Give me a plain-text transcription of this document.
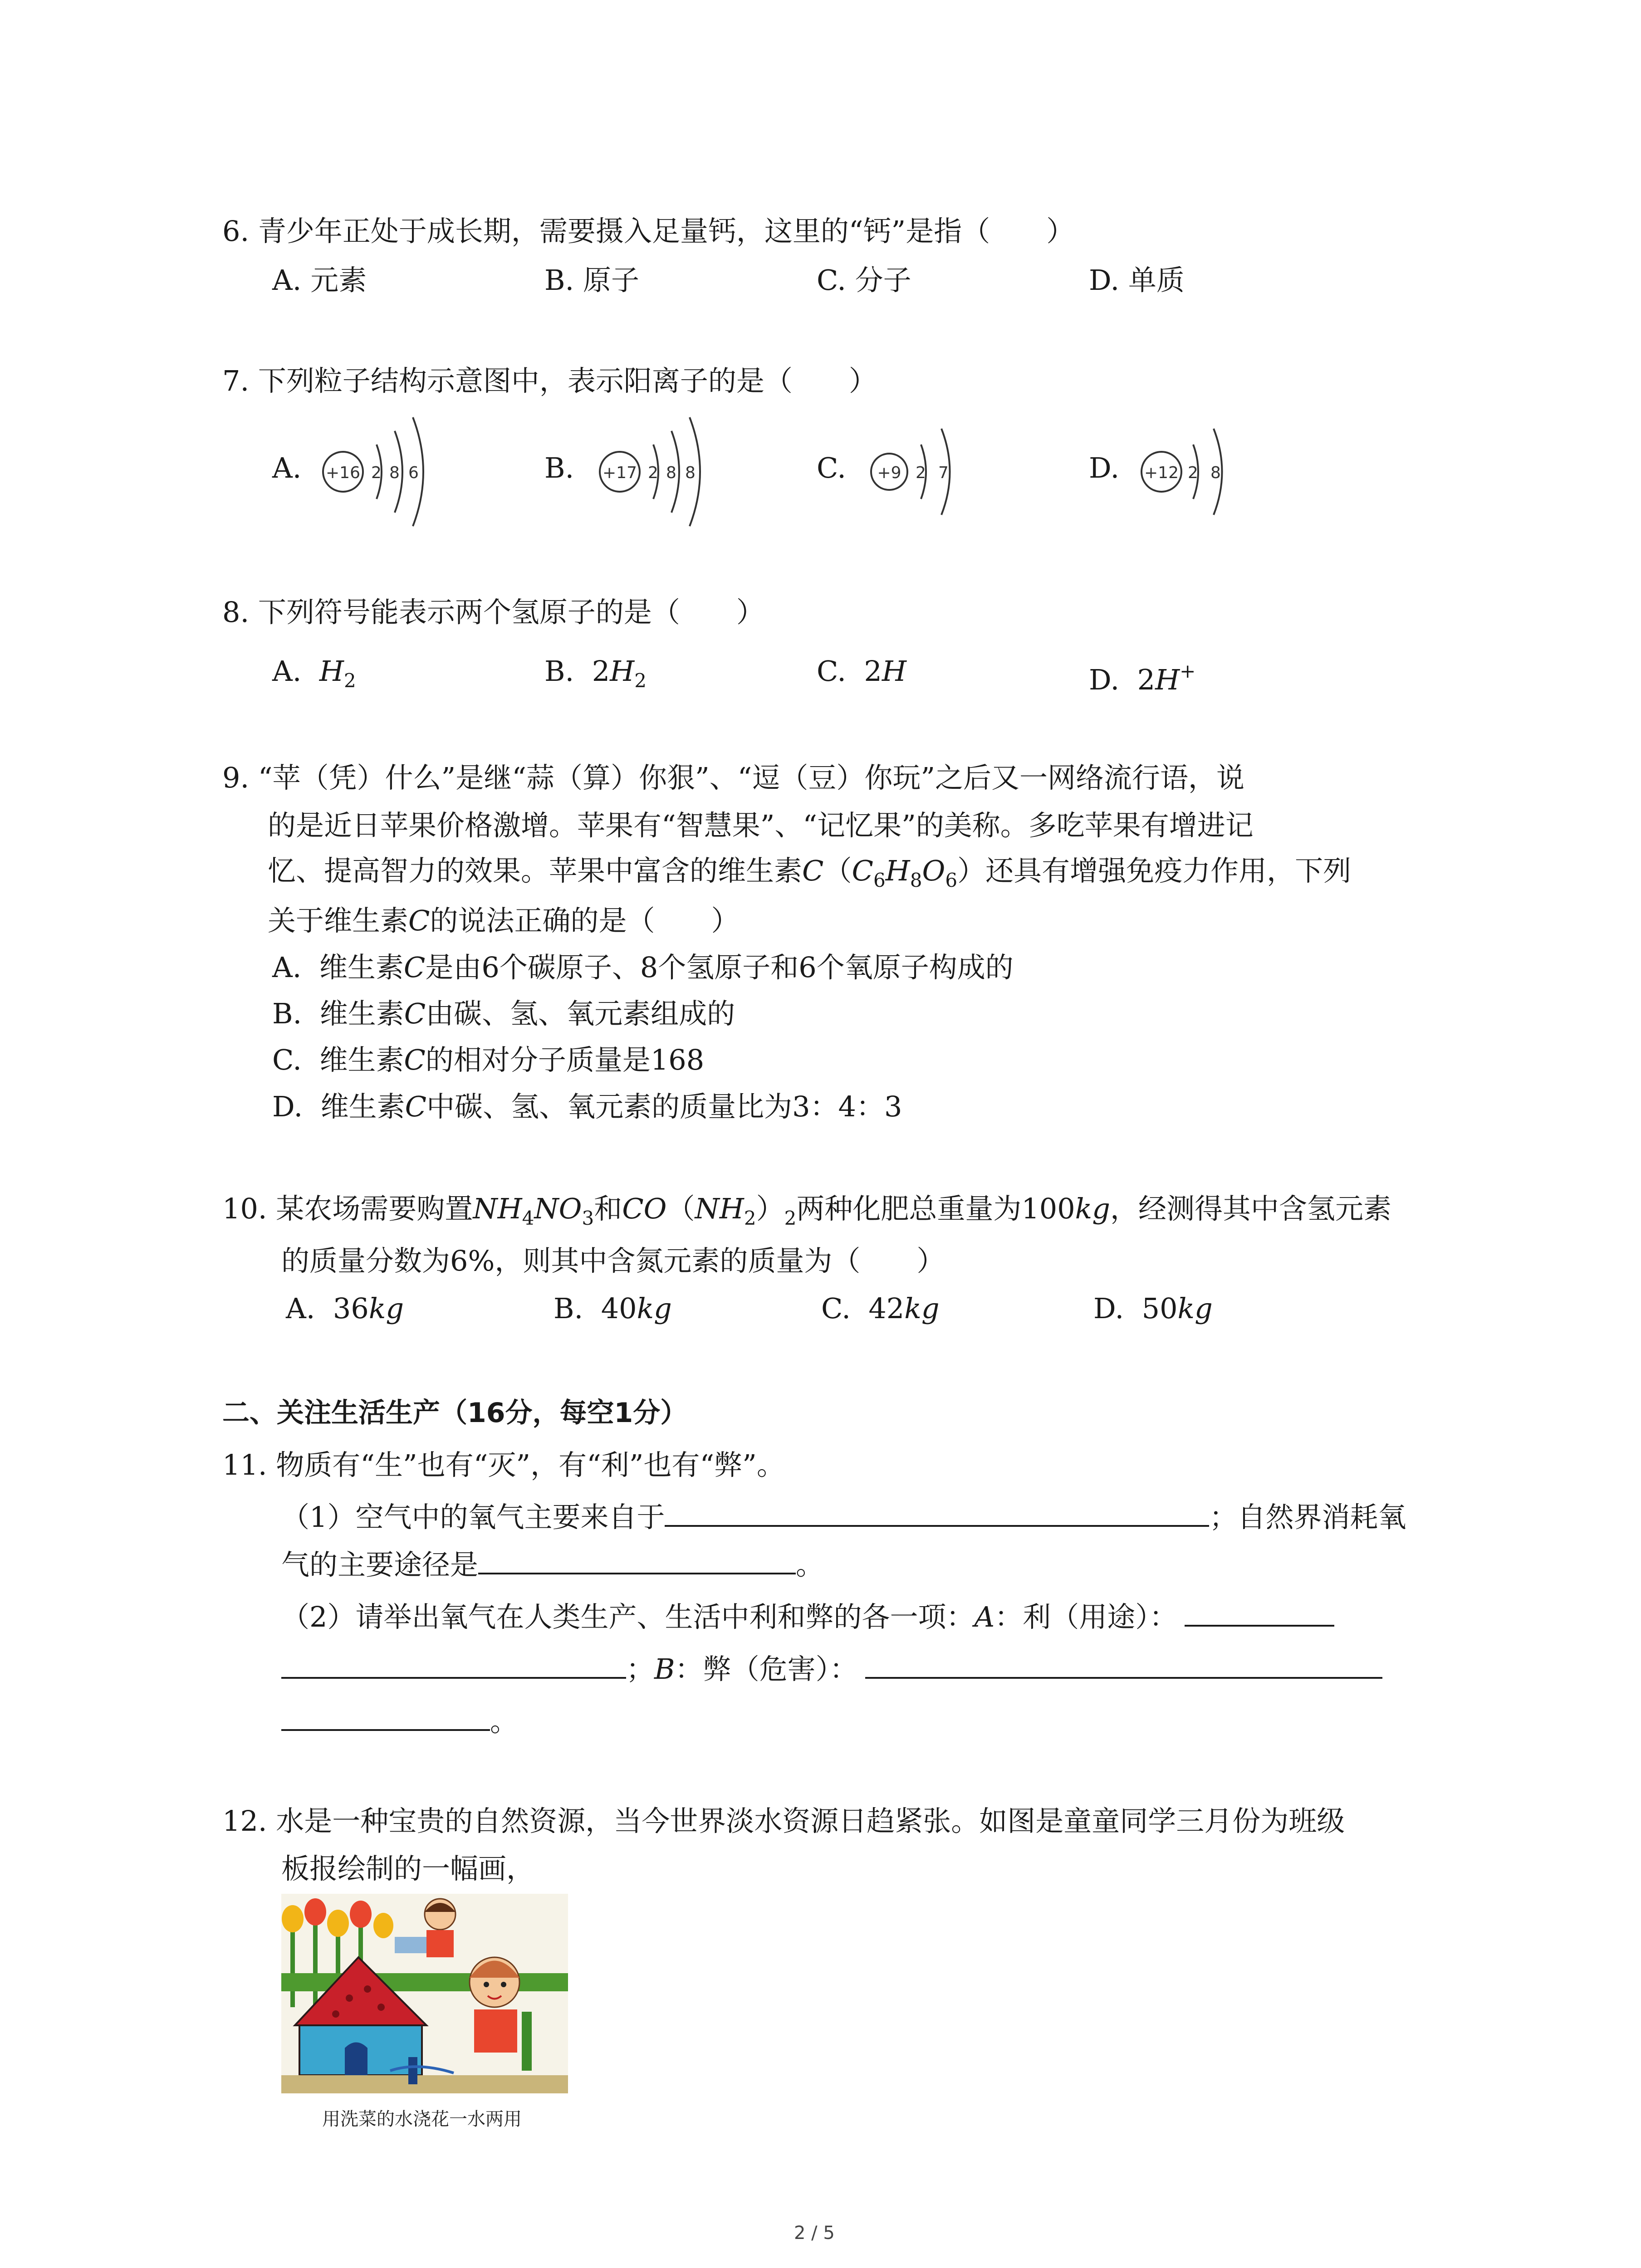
6. 青少年正处于成长期，需要摄入足量钙，这里的“钙”是指（　　）
A. 元素	B. 原子	C. 分子	D. 单质
7. 下列粒子结构示意图中，表示阳离子的是（　　）
A. +16 2 8 6	B. +17 2 8 8	C. +9 2 7	D. +12 2 8
8. 下列符号能表示两个氢原子的是（　　）
A. $H_2$	B. $2H_2$	C. 2H	D. 2H+
9. “苹（凭）什么”是继“蒜（算）你狠”、“逗（豆）你玩”之后又一网络流行语，说
的是近日苹果价格激增。苹果有“智慧果”、“记忆果”的美称。多吃苹果有增进记
忆、提高智力的效果。苹果中富含的维生素$C(C_6H_8O_6)$还具有增强免疫力作用，下列
关于维生素C的说法正确的是（　　）
A. 维生素C是由6个碳原子、8个氢原子和6个氧原子构成的
B. 维生素C由碳、氢、氧元素组成的
C. 维生素C的相对分子质量是168
D. 维生素C中碳、氢、氧元素的质量比为3：4：3
10. 某农场需要购置$NH_4NO_3$和$CO(NH_2)_2$两种化肥总重量为100kg，经测得其中含氢元素
的质量分数为6%，则其中含氮元素的质量为（　　）
A. 36kg	B. 40kg	C. 42kg	D. 50kg
二、关注生活生产（16分，每空1分）
11. 物质有“生”也有“灭”，有“利”也有“弊”。
（1）空气中的氧气主要来自于	；自然界消耗氧
气的主要途径是	。
（2）请举出氧气在人类生产、生活中利和弊的各一项：A：利（用途）：
；B：弊（危害）：
。
12. 水是一种宝贵的自然资源，当今世界淡水资源日趋紧张。如图是童童同学三月份为班级
板报绘制的一幅画，
用洗菜的水浇花一水两用
2 / 5
